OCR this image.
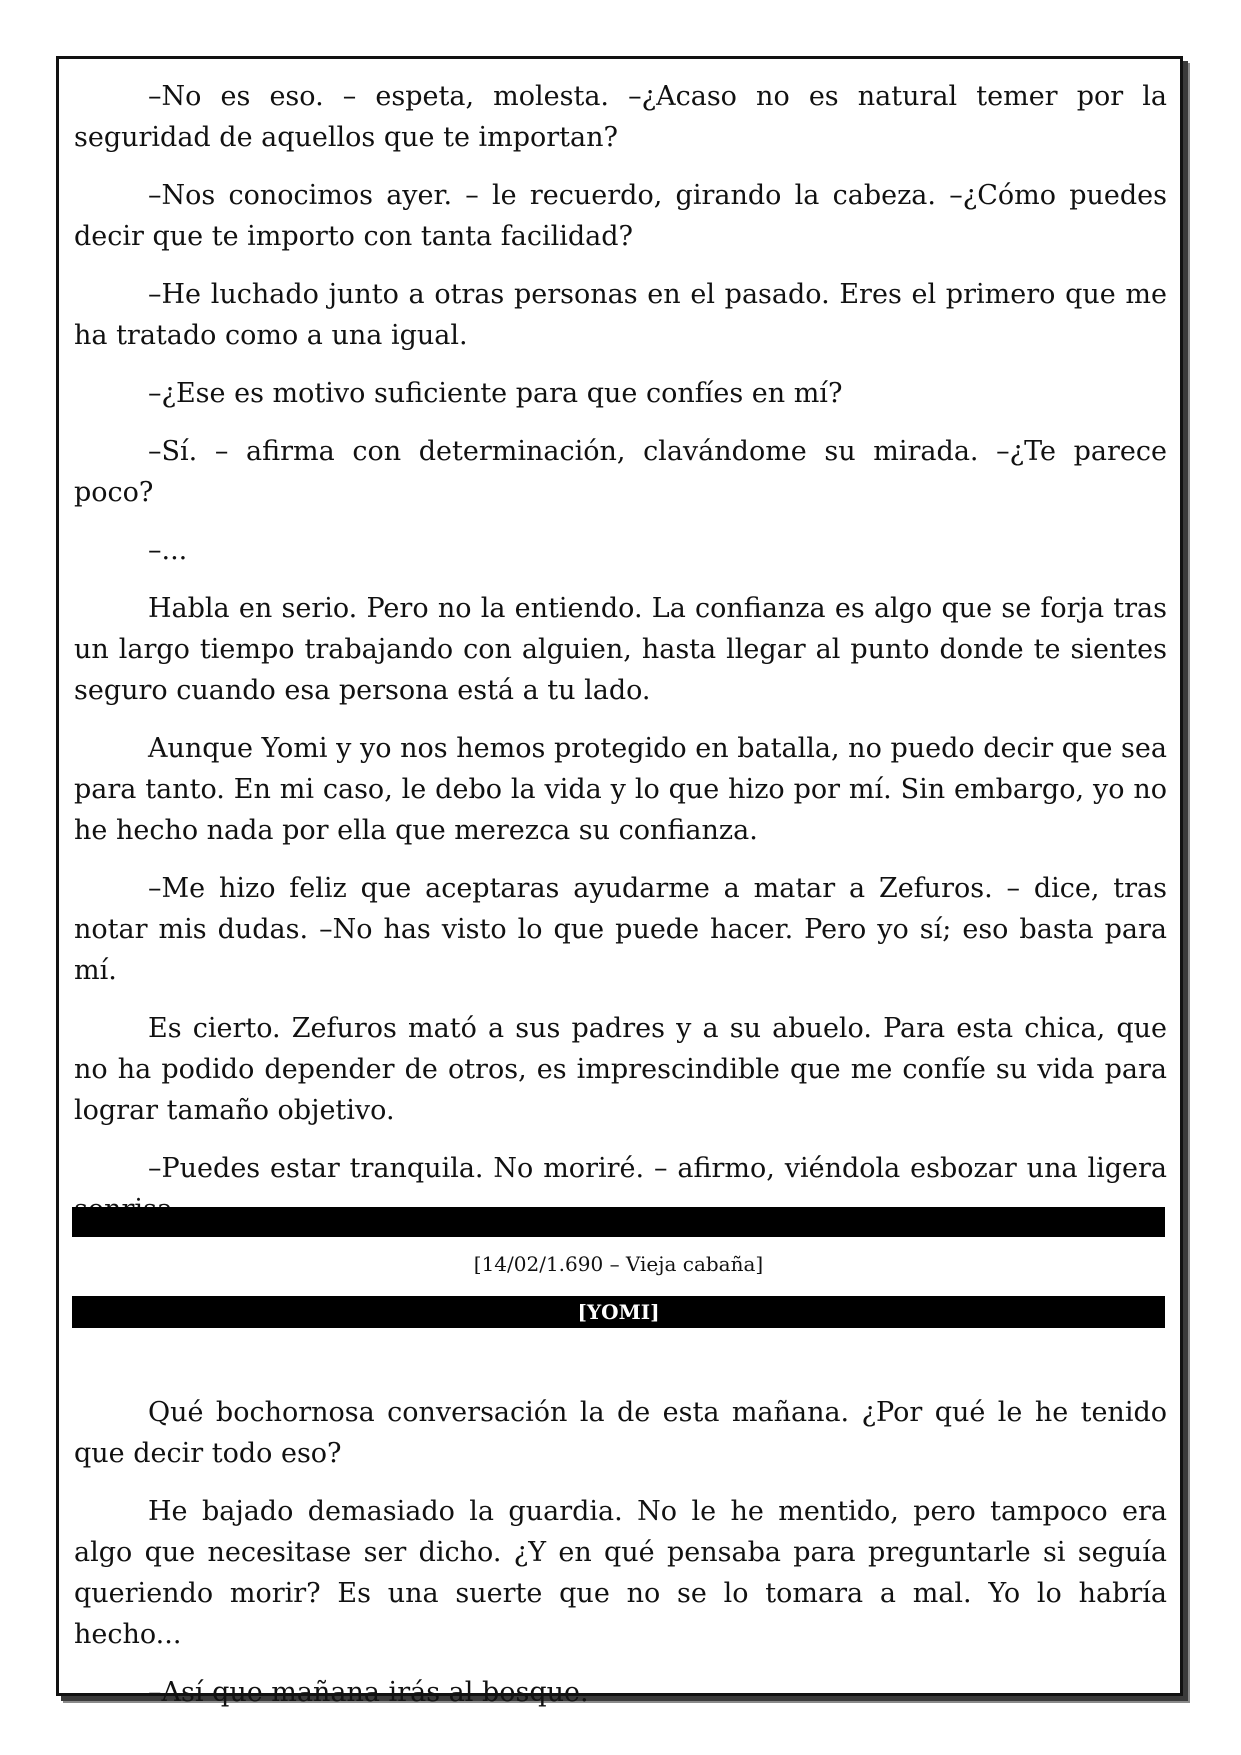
–No es eso. – espeta, molesta. –¿Acaso no es natural temer por la seguridad de aquellos que te importan?

–Nos conocimos ayer. – le recuerdo, girando la cabeza. –¿Cómo puedes decir que te importo con tanta facilidad?

–He luchado junto a otras personas en el pasado. Eres el primero que me ha tratado como a una igual.

–¿Ese es motivo suficiente para que confíes en mí?

–Sí. – afirma con determinación, clavándome su mirada. –¿Te parece poco?

–...

Habla en serio. Pero no la entiendo. La confianza es algo que se forja tras un largo tiempo trabajando con alguien, hasta llegar al punto donde te sientes seguro cuando esa persona está a tu lado.

Aunque Yomi y yo nos hemos protegido en batalla, no puedo decir que sea para tanto. En mi caso, le debo la vida y lo que hizo por mí. Sin embargo, yo no he hecho nada por ella que merezca su confianza.

–Me hizo feliz que aceptaras ayudarme a matar a Zefuros. – dice, tras notar mis dudas. –No has visto lo que puede hacer. Pero yo sí; eso basta para mí.

Es cierto. Zefuros mató a sus padres y a su abuelo. Para esta chica, que no ha podido depender de otros, es imprescindible que me confíe su vida para lograr tamaño objetivo.

–Puedes estar tranquila. No moriré. – afirmo, viéndola esbozar una ligera

[14/02/1.690 – Vieja cabaña]
[YOMI]

Qué bochornosa conversación la de esta mañana. ¿Por qué le he tenido que decir todo eso?

He bajado demasiado la guardia. No le he mentido, pero tampoco era algo que necesitase ser dicho. ¿Y en qué pensaba para preguntarle si seguía queriendo morir? Es una suerte que no se lo tomara a mal. Yo lo habría hecho...

–Así que mañana irás al bosque.
